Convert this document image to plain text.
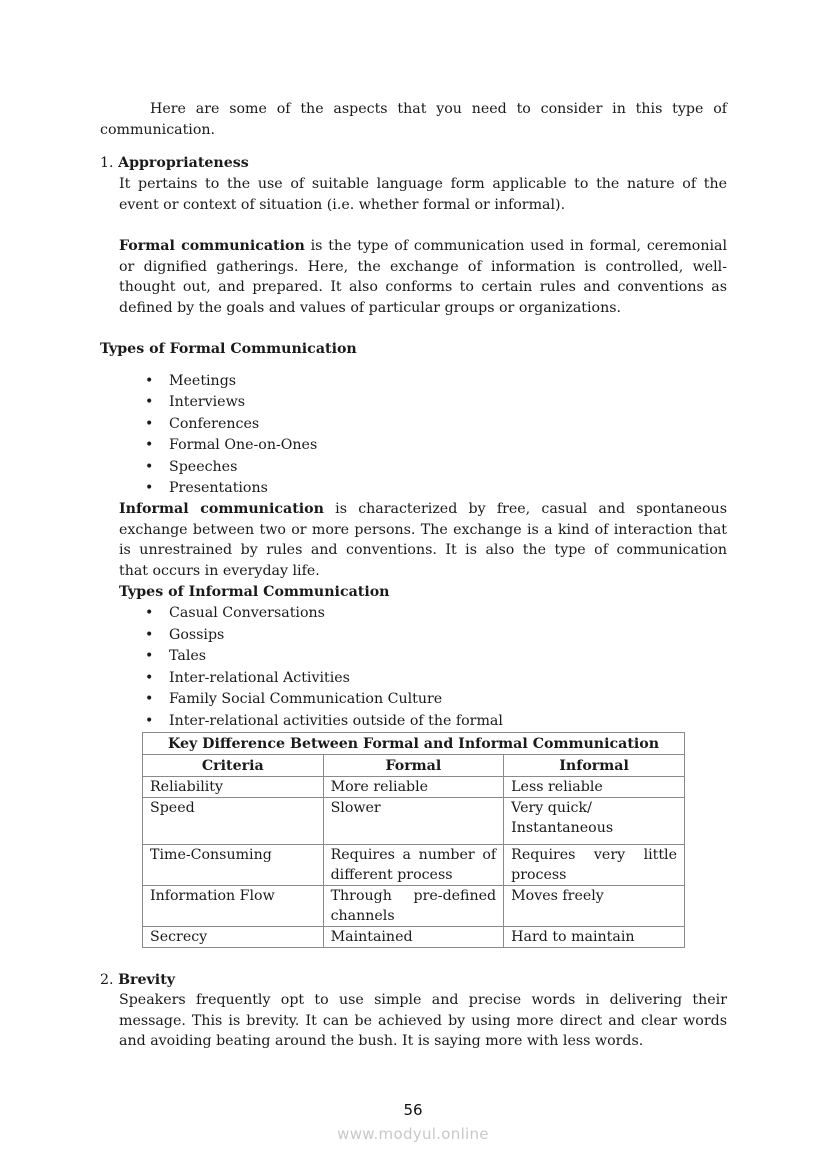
Here are some of the aspects that you need to consider in this type of
communication.
1. Appropriateness
It pertains to the use of suitable language form applicable to the nature of the
event or context of situation (i.e. whether formal or informal).
Formal communication is the type of communication used in formal, ceremonial
or dignified gatherings. Here, the exchange of information is controlled, well-
thought out, and prepared. It also conforms to certain rules and conventions as
defined by the goals and values of particular groups or organizations.
Types of Formal Communication
• Meetings
• Interviews
• Conferences
• Formal One-on-Ones
• Speeches
• Presentations
Informal communication is characterized by free, casual and spontaneous
exchange between two or more persons. The exchange is a kind of interaction that
is unrestrained by rules and conventions. It is also the type of communication
that occurs in everyday life.
Types of Informal Communication
• Casual Conversations
• Gossips
• Tales
• Inter-relational Activities
• Family Social Communication Culture
• Inter-relational activities outside of the formal
Key Difference Between Formal and Informal Communication		
Criteria	Formal	Informal
Reliability	More reliable	Less reliable
Speed	Slower	Very quick/ Instantaneous
Time-Consuming	Requires a number of different process	Requires very little process
Information Flow	Through pre-defined channels	Moves freely
Secrecy	Maintained	Hard to maintain
2. Brevity
Speakers frequently opt to use simple and precise words in delivering their
message. This is brevity. It can be achieved by using more direct and clear words
and avoiding beating around the bush. It is saying more with less words.
56
www.modyul.online
